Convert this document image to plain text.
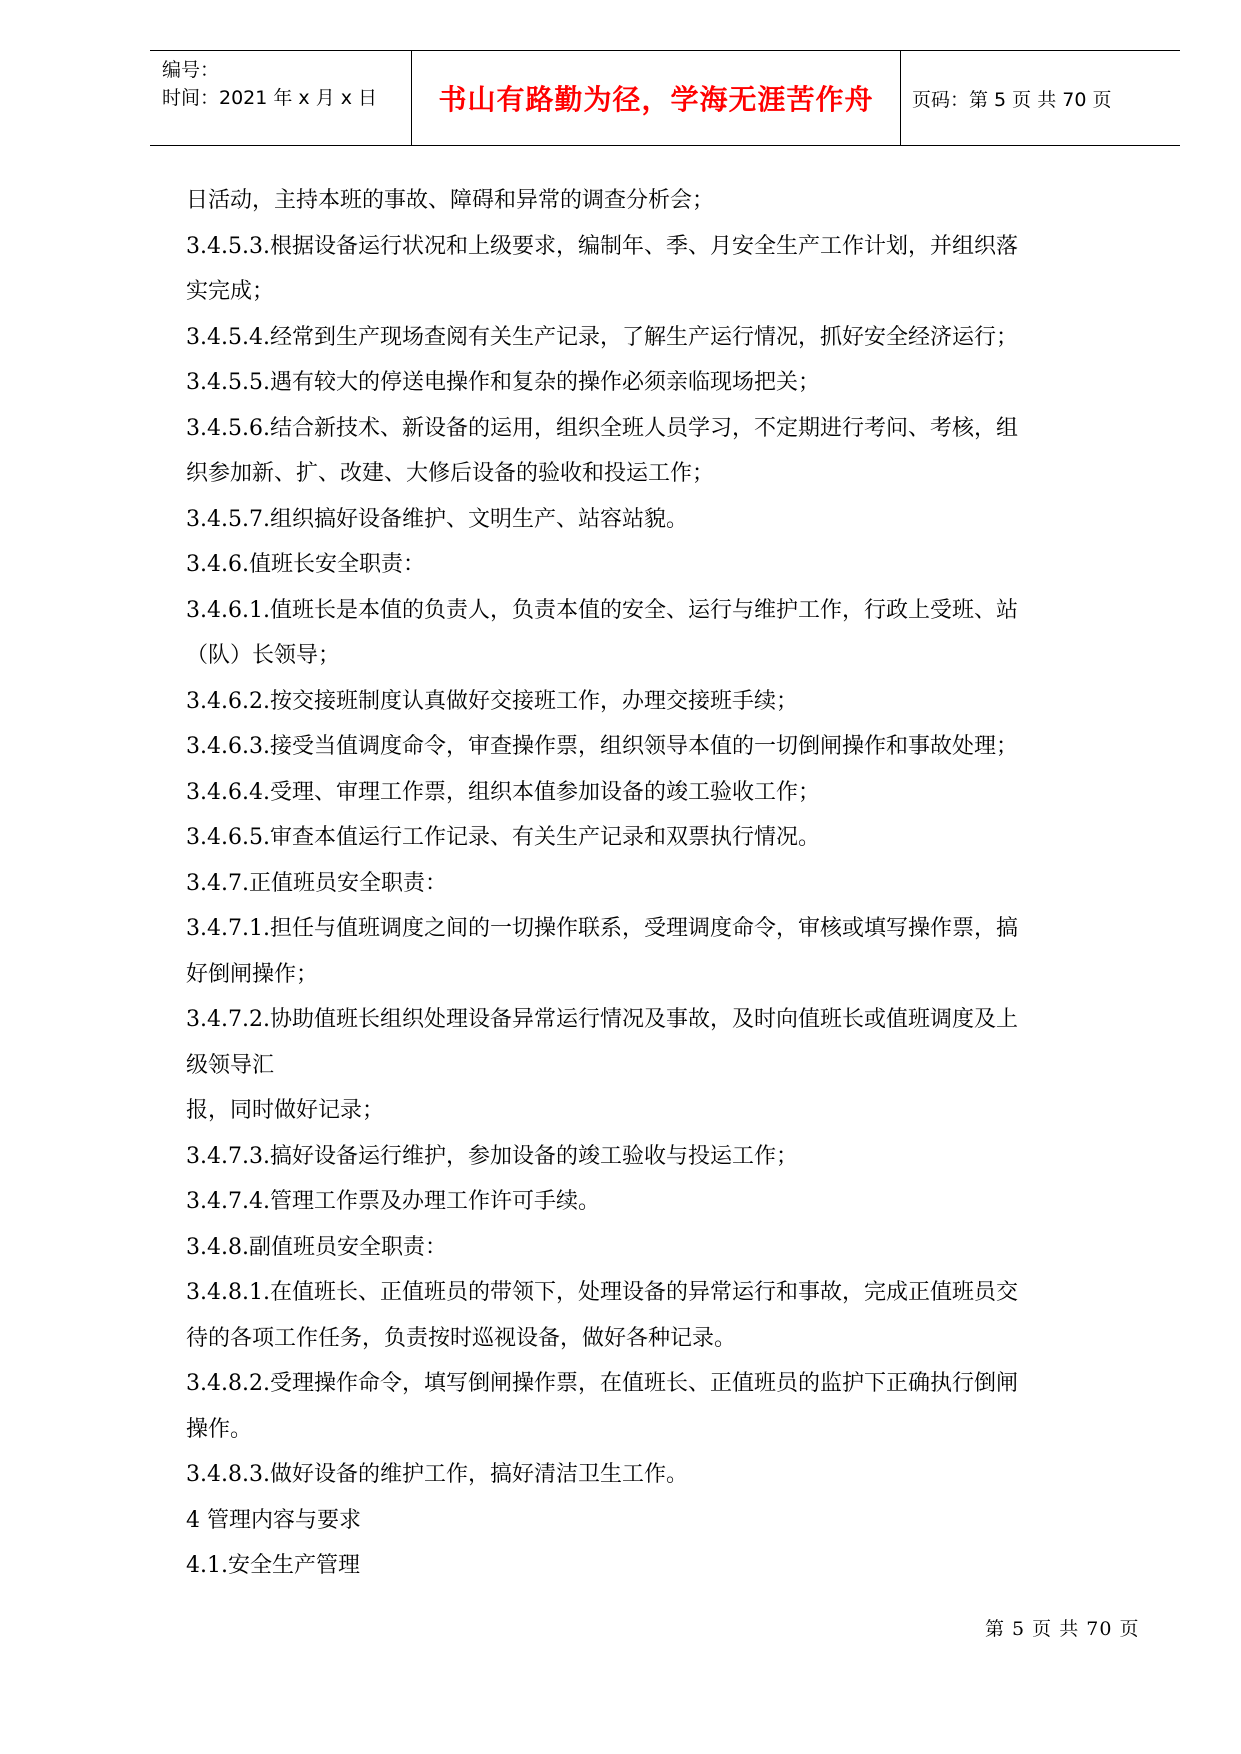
编号：
时间：2021 年 x 月 x 日 书山有路勤为径，学海无涯苦作舟 页码：第 5 页 共 70 页

日活动，主持本班的事故、障碍和异常的调查分析会；

3.4.5.3.根据设备运行状况和上级要求，编制年、季、月安全生产工作计划，并组织落

实完成；

3.4.5.4.经常到生产现场查阅有关生产记录，了解生产运行情况，抓好安全经济运行；

3.4.5.5.遇有较大的停送电操作和复杂的操作必须亲临现场把关；

3.4.5.6.结合新技术、新设备的运用，组织全班人员学习，不定期进行考问、考核，组

织参加新、扩、改建、大修后设备的验收和投运工作；

3.4.5.7.组织搞好设备维护、文明生产、站容站貌。

3.4.6.值班长安全职责：

3.4.6.1.值班长是本值的负责人，负责本值的安全、运行与维护工作，行政上受班、站

（队）长领导；

3.4.6.2.按交接班制度认真做好交接班工作，办理交接班手续；

3.4.6.3.接受当值调度命令，审查操作票，组织领导本值的一切倒闸操作和事故处理；

3.4.6.4.受理、审理工作票，组织本值参加设备的竣工验收工作；

3.4.6.5.审查本值运行工作记录、有关生产记录和双票执行情况。

3.4.7.正值班员安全职责：

3.4.7.1.担任与值班调度之间的一切操作联系，受理调度命令，审核或填写操作票，搞

好倒闸操作；

3.4.7.2.协助值班长组织处理设备异常运行情况及事故，及时向值班长或值班调度及上

级领导汇

报，同时做好记录；

3.4.7.3.搞好设备运行维护，参加设备的竣工验收与投运工作；

3.4.7.4.管理工作票及办理工作许可手续。

3.4.8.副值班员安全职责：

3.4.8.1.在值班长、正值班员的带领下，处理设备的异常运行和事故，完成正值班员交

待的各项工作任务，负责按时巡视设备，做好各种记录。

3.4.8.2.受理操作命令，填写倒闸操作票，在值班长、正值班员的监护下正确执行倒闸

操作。

3.4.8.3.做好设备的维护工作，搞好清洁卫生工作。

4 管理内容与要求

4.1.安全生产管理

第 5 页 共 70 页
